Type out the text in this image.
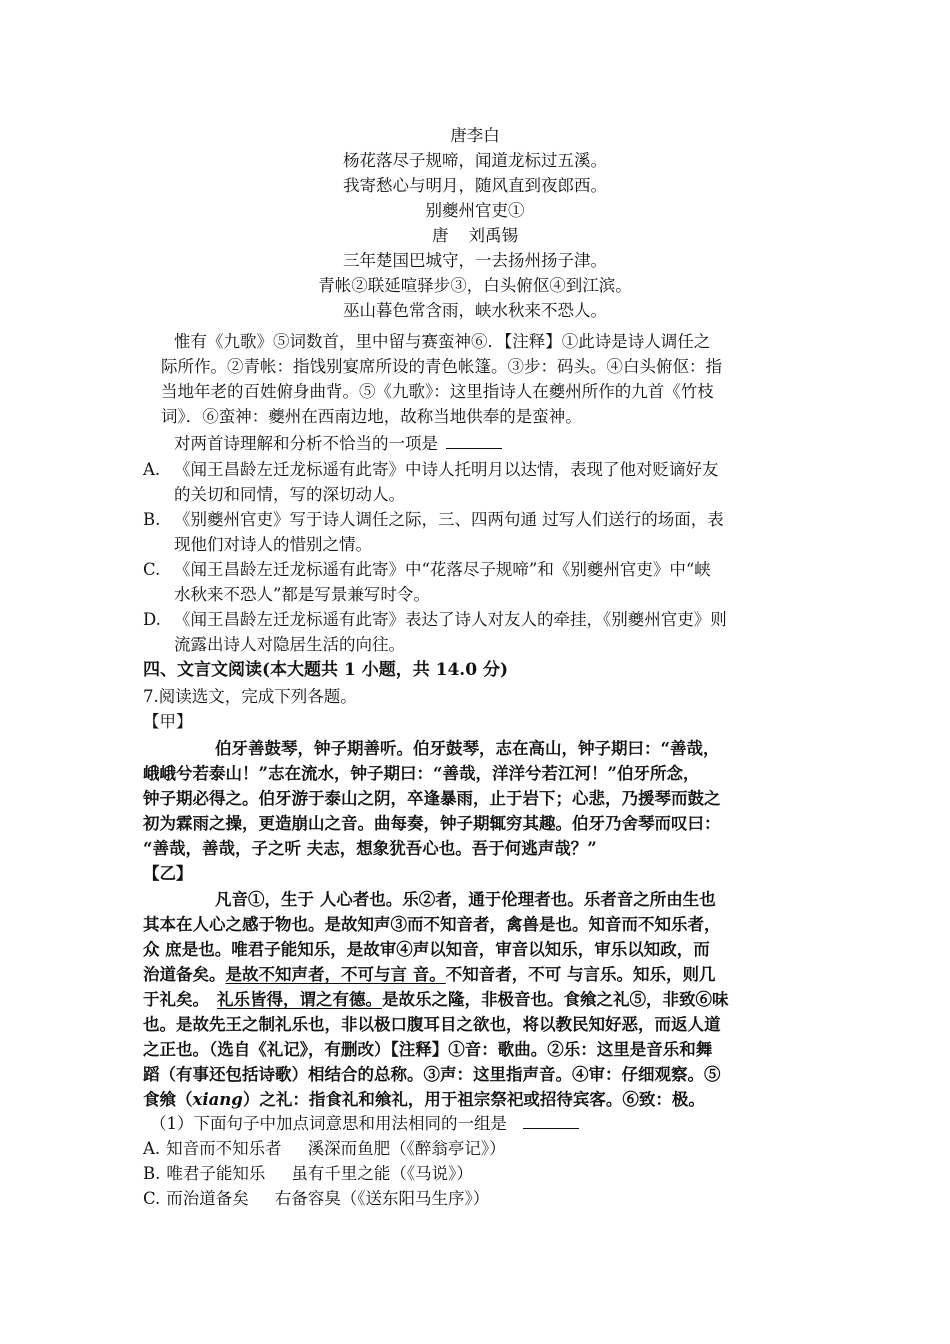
唐李白
杨花落尽子规啼，闻道龙标过五溪。
我寄愁心与明月，随风直到夜郎西。
别夔州官吏①
唐 刘禹锡
三年楚国巴城守，一去扬州扬子津。
青帐②联延喧驿步③，白头俯伛④到江滨。
巫山暮色常含雨，峡水秋来不恐人。
惟有《九歌》⑤词数首，里中留与赛蛮神⑥．【注释】①此诗是诗人调任之
际所作。②青帐：指饯别宴席所设的青色帐篷。③步：码头。④白头俯伛：指
当地年老的百姓俯身曲背。⑤《九歌》：这里指诗人在夔州所作的九首《竹枝
词》．⑥蛮神：夔州在西南边地，故称当地供奉的是蛮神。
对两首诗理解和分析不恰当的一项是
A. 《闻王昌龄左迁龙标遥有此寄》中诗人托明月以达情，表现了他对贬谪好友
的关切和同情，写的深切动人。
B. 《别夔州官吏》写于诗人调任之际，三、四两句通 过写人们送行的场面，表
现他们对诗人的惜别之情。
C. 《闻王昌龄左迁龙标遥有此寄》中“花落尽子规啼”和《别夔州官吏》中“峡
水秋来不恐人”都是写景兼写时令。
D. 《闻王昌龄左迁龙标遥有此寄》表达了诗人对友人的牵挂，《别夔州官吏》则
流露出诗人对隐居生活的向往。
四、文言文阅读(本大题共 1 小题，共 14.0 分)
7.阅读选文，完成下列各题。
【甲】
伯牙善鼓琴，钟子期善听。伯牙鼓琴，志在高山，钟子期曰：“善哉，
峨峨兮若泰山！”志在流水，钟子期曰：“善哉，洋洋兮若江河！”伯牙所念，
钟子期必得之。伯牙游于泰山之阴，卒逢暴雨，止于岩下；心悲，乃援琴而鼓之
初为霖雨之操，更造崩山之音。曲每奏，钟子期辄穷其趣。伯牙乃舍琴而叹曰：
“善哉，善哉，子之听 夫志，想象犹吾心也。吾于何逃声哉？”
【乙】
凡音①，生于 人心者也。乐②者，通于伦理者也。乐者音之所由生也
其本在人心之感于物也。是故知声③而不知音者，禽兽是也。知音而不知乐者，
众 庶是也。唯君子能知乐，是故审④声以知音，审音以知乐，审乐以知政，而
治道备矣。是故不知声者，不可与言 音。不知音者，不可 与言乐。知乐，则几
于礼矣。 礼乐皆得，谓之有德。是故乐之隆，非极音也。食飨之礼⑤，非致⑥味
也。是故先王之制礼乐也，非以极口腹耳目之欲也，将以教民知好恶，而返人道
之正也。（选自《礼记》，有删改）【注释】①音：歌曲。②乐：这里是音乐和舞
蹈（有事还包括诗歌）相结合的总称。③声：这里指声音。④审：仔细观察。⑤
食飨（xiang）之礼：指食礼和飨礼，用于祖宗祭祀或招待宾客。⑥致：极。
（1）下面句子中加点词意思和用法相同的一组是
A. 知音而不知乐者 溪深而鱼肥（《醉翁亭记》）
B. 唯君子能知乐 虽有千里之能（《马说》）
C. 而治道备矣 右备容臭（《送东阳马生序》）
